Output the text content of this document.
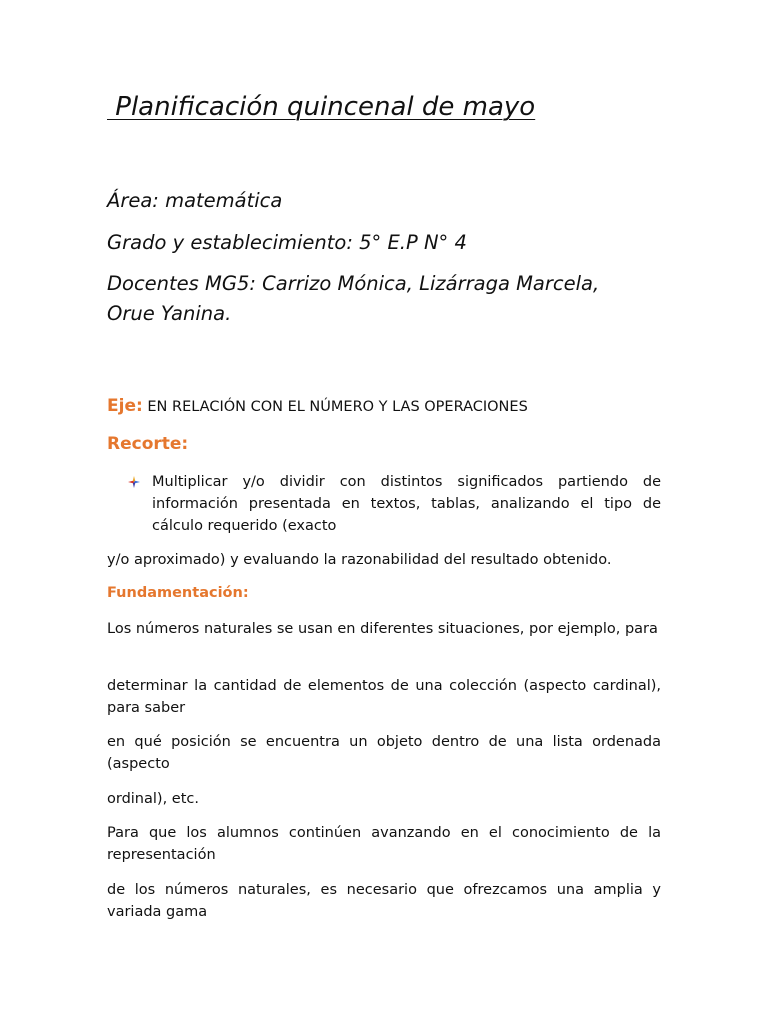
Planificación quincenal de mayo

Área: matemática

Grado y establecimiento: 5° E.P N° 4

Docentes MG5: Carrizo Mónica, Lizárraga Marcela,

Orue Yanina.

Eje: EN RELACIÓN CON EL NÚMERO Y LAS OPERACIONES

Recorte:

Multiplicar y/o dividir con distintos significados partiendo de información presentada en textos, tablas, analizando el tipo de cálculo requerido (exacto

y/o aproximado) y evaluando la razonabilidad del resultado obtenido.

Fundamentación:

Los números naturales se usan en diferentes situaciones, por ejemplo, para

determinar la cantidad de elementos de una colección (aspecto cardinal), para saber

en qué posición se encuentra un objeto dentro de una lista ordenada (aspecto

ordinal), etc.

Para que los alumnos continúen avanzando en el conocimiento de la representación

de los números naturales, es necesario que ofrezcamos una amplia y variada gama
